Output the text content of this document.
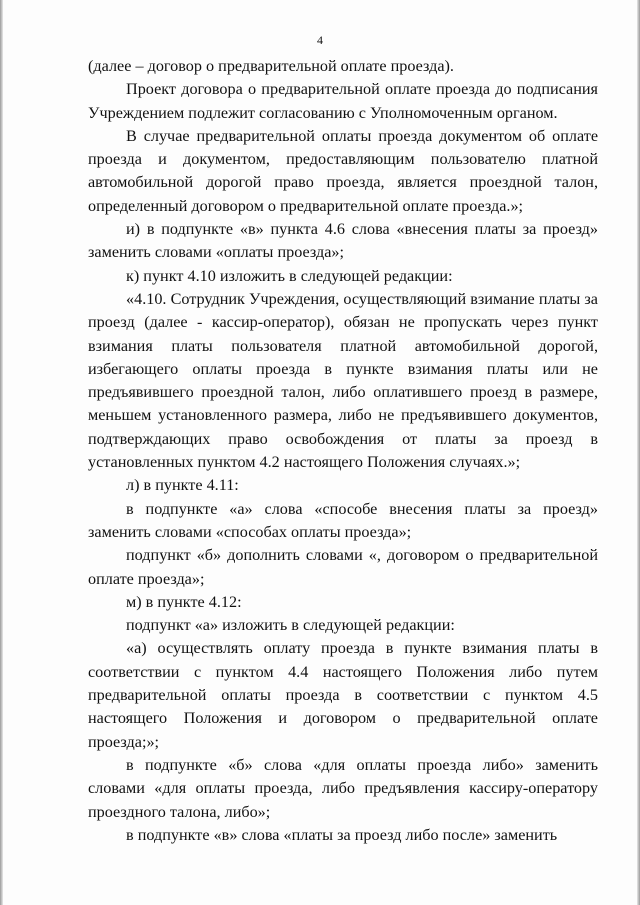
4

(далее – договор о предварительной оплате проезда).

Проект договора о предварительной оплате проезда до подписания Учреждением подлежит согласованию с Уполномоченным органом.

В случае предварительной оплаты проезда документом об оплате проезда и документом, предоставляющим пользователю платной автомобильной дорогой право проезда, является проездной талон, определенный договором о предварительной оплате проезда.»;

и) в подпункте «в» пункта 4.6 слова «внесения платы за проезд» заменить словами «оплаты проезда»;

к) пункт 4.10 изложить в следующей редакции:

«4.10. Сотрудник Учреждения, осуществляющий взимание платы за проезд (далее - кассир-оператор), обязан не пропускать через пункт взимания платы пользователя платной автомобильной дорогой, избегающего оплаты проезда в пункте взимания платы или не предъявившего проездной талон, либо оплатившего проезд в размере, меньшем установленного размера, либо не предъявившего документов, подтверждающих право освобождения от платы за проезд в установленных пунктом 4.2 настоящего Положения случаях.»;

л) в пункте 4.11:

в подпункте «а» слова «способе внесения платы за проезд» заменить словами «способах оплаты проезда»;

подпункт «б» дополнить словами «, договором о предварительной оплате проезда»;

м) в пункте 4.12:

подпункт «а» изложить в следующей редакции:

«а) осуществлять оплату проезда в пункте взимания платы в соответствии с пунктом 4.4 настоящего Положения либо путем предварительной оплаты проезда в соответствии с пунктом 4.5 настоящего Положения и договором о предварительной оплате проезда;»;

в подпункте «б» слова «для оплаты проезда либо» заменить словами «для оплаты проезда, либо предъявления кассиру-оператору проездного талона, либо»;

в подпункте «в» слова «платы за проезд либо после» заменить
